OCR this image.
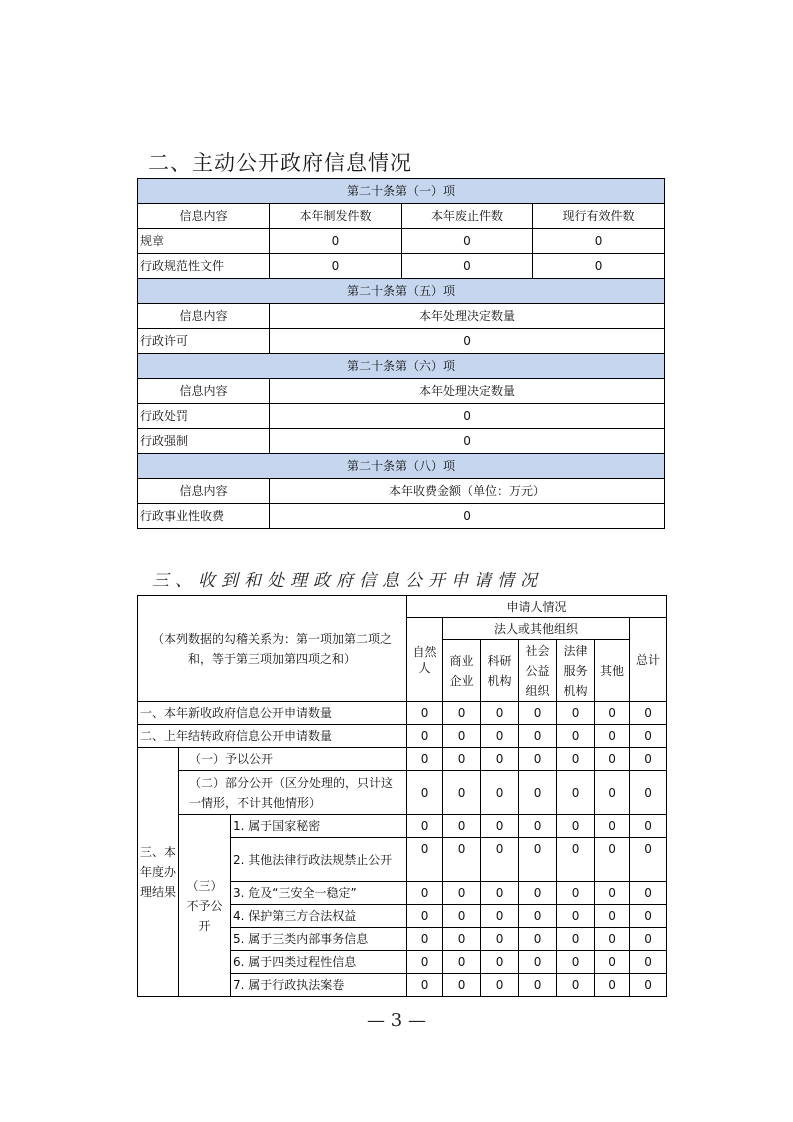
二、主动公开政府信息情况
第二十条第（一）项			
信息内容	本年制发件数	本年废止件数	现行有效件数
规章	0	0	0
行政规范性文件	0	0	0
第二十条第（五）项			
信息内容	本年处理决定数量		
行政许可	0		
第二十条第（六）项			
信息内容	本年处理决定数量		
行政处罚	0		
行政强制	0		
第二十条第（八）项			
信息内容	本年收费金额（单位：万元）		
行政事业性收费	0		
三、收到和处理政府信息公开申请情况
（本列数据的勾稽关系为：第一项加第二项之和，等于第三项加第四项之和）			申请人情况						
			自然人	法人或其他组织					总计
				商业企业	科研机构	社会公益组织	法律服务机构	其他	
一、本年新收政府信息公开申请数量			0	0	0	0	0	0	0
二、上年结转政府信息公开申请数量			0	0	0	0	0	0	0
三、本年度办理结果	（一）予以公开		0	0	0	0	0	0	0
	（二）部分公开（区分处理的，只计这一情形，不计其他情形）		0	0	0	0	0	0	0
	（三）不予公开	1. 属于国家秘密	0	0	0	0	0	0	0
		2. 其他法律行政法规禁止公开	0	0	0	0	0	0	0
		3. 危及“三安全一稳定”	0	0	0	0	0	0	0
		4. 保护第三方合法权益	0	0	0	0	0	0	0
		5. 属于三类内部事务信息	0	0	0	0	0	0	0
		6. 属于四类过程性信息	0	0	0	0	0	0	0
		7. 属于行政执法案卷	0	0	0	0	0	0	0
— 3 —
